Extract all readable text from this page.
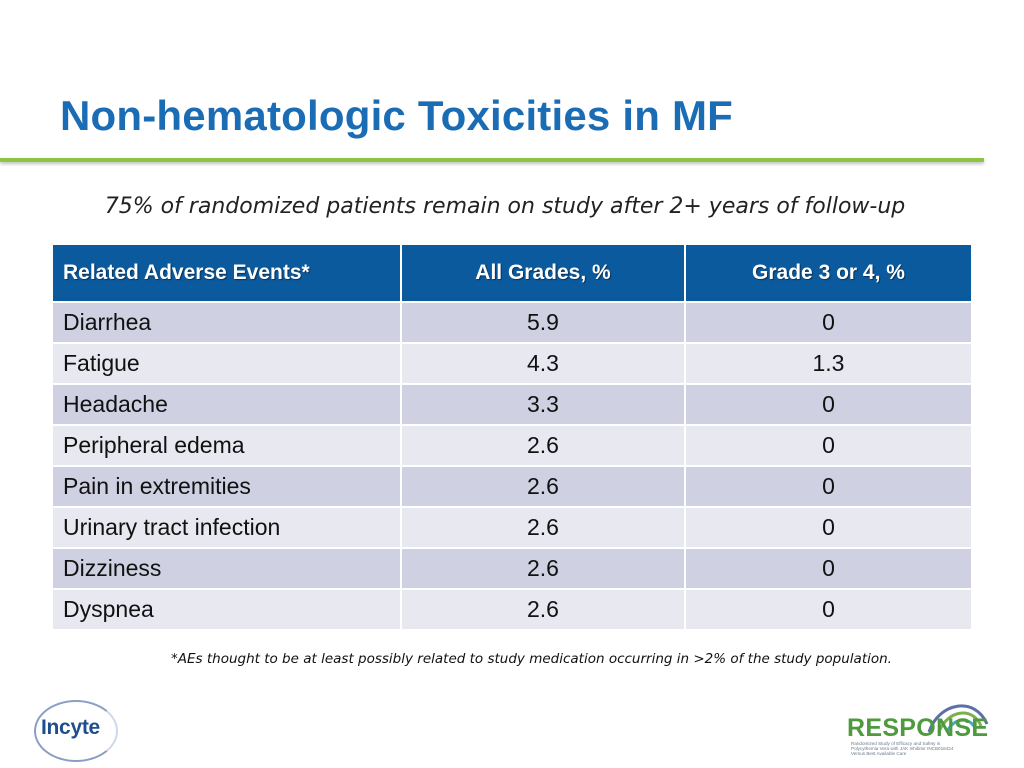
Non-hematologic Toxicities in MF
75% of randomized patients remain on study after 2+ years of follow-up
Related Adverse Events*	All Grades, %	Grade 3 or 4, %
Diarrhea	5.9	0
Fatigue	4.3	1.3
Headache	3.3	0
Peripheral edema	2.6	0
Pain in extremities	2.6	0
Urinary tract infection	2.6	0
Dizziness	2.6	0
Dyspnea	2.6	0
*AEs thought to be at least possibly related to study medication occurring in >2% of the study population.
Incyte	RESPONSE
Randomized Study of Efficacy and Safety in Polycythemia Vera with JAK Inhibitor INCB018424 Versus Best Available Care
